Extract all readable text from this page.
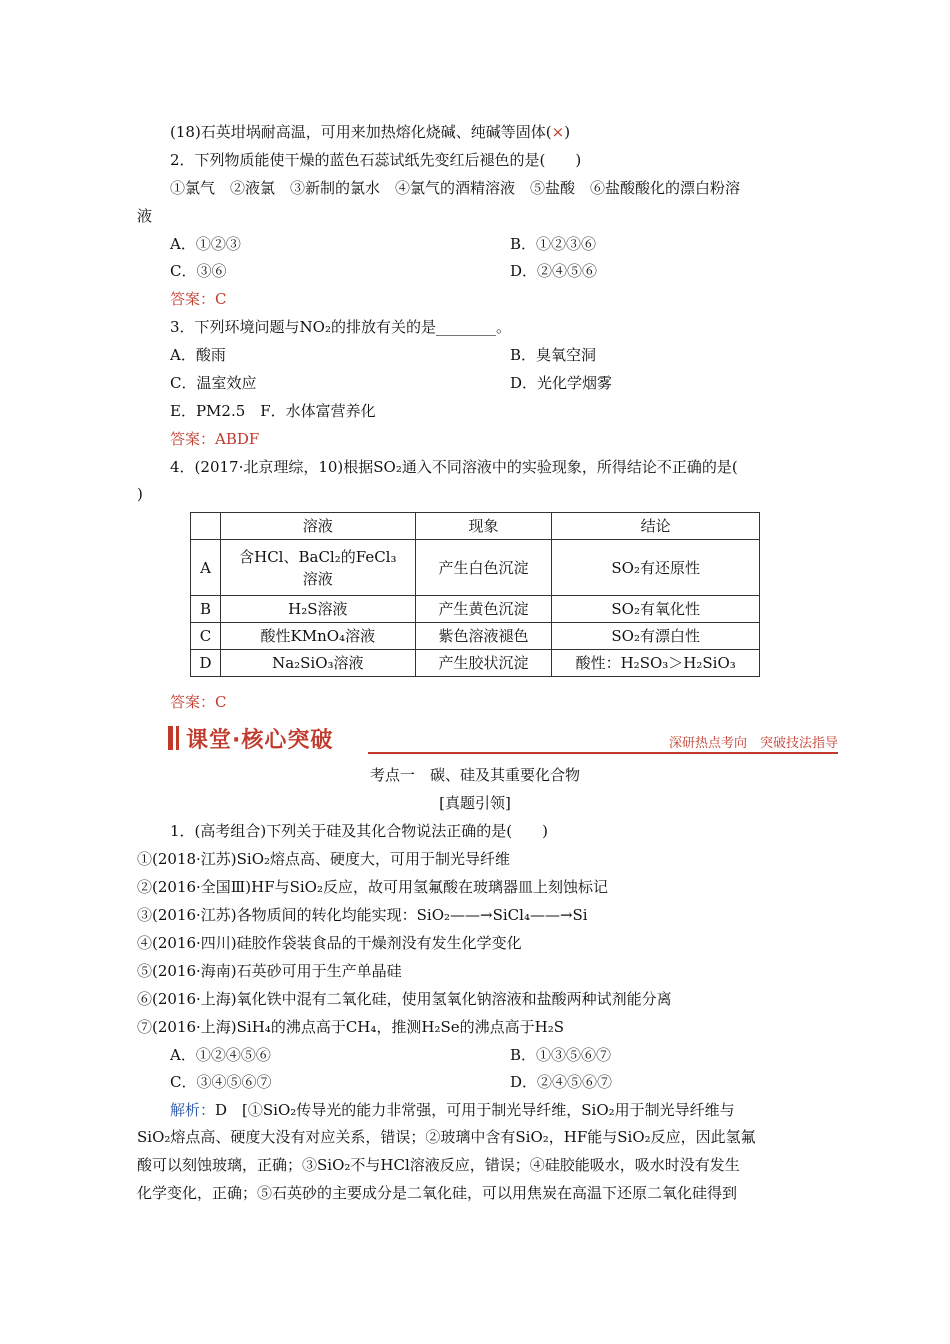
(18)石英坩埚耐高温，可用来加热熔化烧碱、纯碱等固体(×)
2．下列物质能使干燥的蓝色石蕊试纸先变红后褪色的是(　　)
①氯气　②液氯　③新制的氯水　④氯气的酒精溶液　⑤盐酸　⑥盐酸酸化的漂白粉溶
液
A．①②③	B．①②③⑥
C．③⑥	D．②④⑤⑥
答案：C
3．下列环境问题与NO₂的排放有关的是________。
A．酸雨	B．臭氧空洞
C．温室效应	D．光化学烟雾
E．PM2.5　F．水体富营养化
答案：ABDF
4．(2017·北京理综，10)根据SO₂通入不同溶液中的实验现象，所得结论不正确的是(
)
	溶液	现象	结论
A	含HCl、BaCl₂的FeCl₃溶液	产生白色沉淀	SO₂有还原性
B	H₂S溶液	产生黄色沉淀	SO₂有氧化性
C	酸性KMnO₄溶液	紫色溶液褪色	SO₂有漂白性
D	Na₂SiO₃溶液	产生胶状沉淀	酸性：H₂SO₃＞H₂SiO₃
答案：C
课堂·核心突破	深研热点考向　突破技法指导
考点一　碳、硅及其重要化合物
[真题引领]
1．(高考组合)下列关于硅及其化合物说法正确的是(　　)
①(2018·江苏)SiO₂熔点高、硬度大，可用于制光导纤维
②(2016·全国Ⅲ)HF与SiO₂反应，故可用氢氟酸在玻璃器皿上刻蚀标记
③(2016·江苏)各物质间的转化均能实现：SiO₂——→SiCl₄——→Si
④(2016·四川)硅胶作袋装食品的干燥剂没有发生化学变化
⑤(2016·海南)石英砂可用于生产单晶硅
⑥(2016·上海)氧化铁中混有二氧化硅，使用氢氧化钠溶液和盐酸两种试剂能分离
⑦(2016·上海)SiH₄的沸点高于CH₄，推测H₂Se的沸点高于H₂S
A．①②④⑤⑥	B．①③⑤⑥⑦
C．③④⑤⑥⑦	D．②④⑤⑥⑦
解析：D　[①SiO₂传导光的能力非常强，可用于制光导纤维，SiO₂用于制光导纤维与
SiO₂熔点高、硬度大没有对应关系，错误；②玻璃中含有SiO₂，HF能与SiO₂反应，因此氢氟
酸可以刻蚀玻璃，正确；③SiO₂不与HCl溶液反应，错误；④硅胶能吸水，吸水时没有发生
化学变化，正确；⑤石英砂的主要成分是二氧化硅，可以用焦炭在高温下还原二氧化硅得到
